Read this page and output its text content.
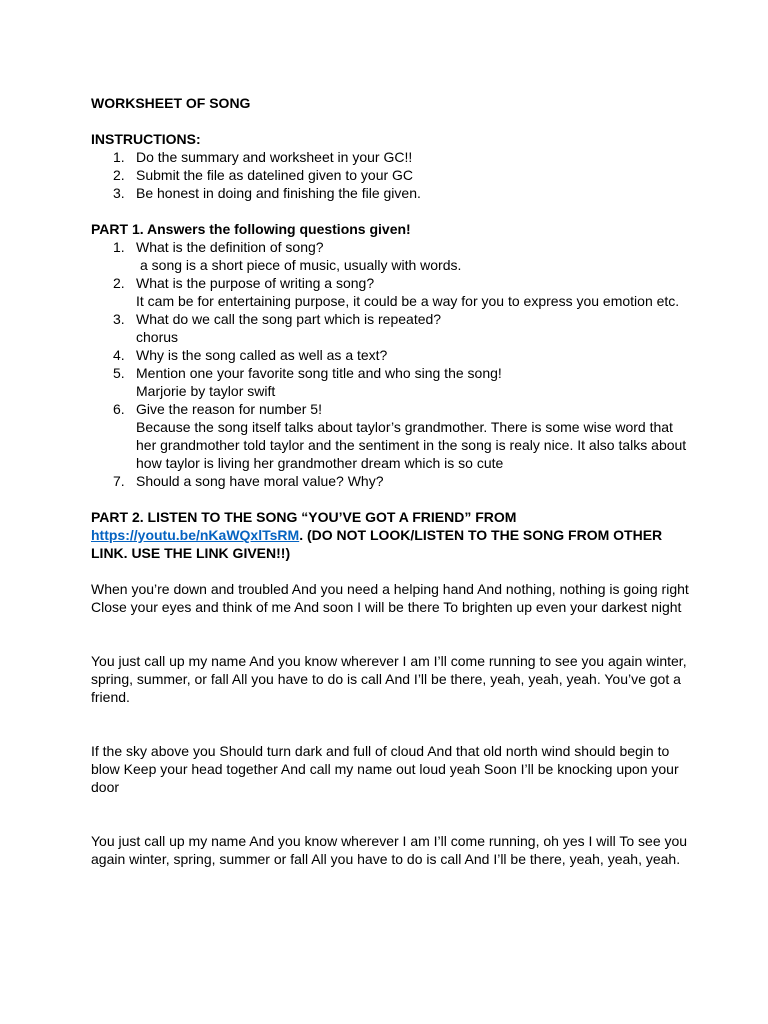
WORKSHEET OF SONG
INSTRUCTIONS:
1. Do the summary and worksheet in your GC!!
2. Submit the file as datelined given to your GC
3. Be honest in doing and finishing the file given.
PART 1. Answers the following questions given!
1. What is the definition of song?
a song is a short piece of music, usually with words.
2. What is the purpose of writing a song?
It cam be for entertaining purpose, it could be a way for you to express you emotion etc.
3. What do we call the song part which is repeated?
chorus
4. Why is the song called as well as a text?
5. Mention one your favorite song title and who sing the song!
Marjorie by taylor swift
6. Give the reason for number 5!
Because the song itself talks about taylor’s grandmother. There is some wise word that her grandmother told taylor and the sentiment in the song is realy nice. It also talks about how taylor is living her grandmother dream which is so cute
7. Should a song have moral value? Why?
PART 2. LISTEN TO THE SONG “YOU’VE GOT A FRIEND” FROM https://youtu.be/nKaWQxlTsRM. (DO NOT LOOK/LISTEN TO THE SONG FROM OTHER LINK. USE THE LINK GIVEN!!)

When you’re down and troubled And you need a helping hand And nothing, nothing is going right Close your eyes and think of me And soon I will be there To brighten up even your darkest night

You just call up my name And you know wherever I am I’ll come running to see you again winter, spring, summer, or fall All you have to do is call And I’ll be there, yeah, yeah, yeah. You’ve got a friend.

If the sky above you Should turn dark and full of cloud And that old north wind should begin to blow Keep your head together And call my name out loud yeah Soon I’ll be knocking upon your door

You just call up my name And you know wherever I am I’ll come running, oh yes I will To see you again winter, spring, summer or fall All you have to do is call And I’ll be there, yeah, yeah, yeah.
